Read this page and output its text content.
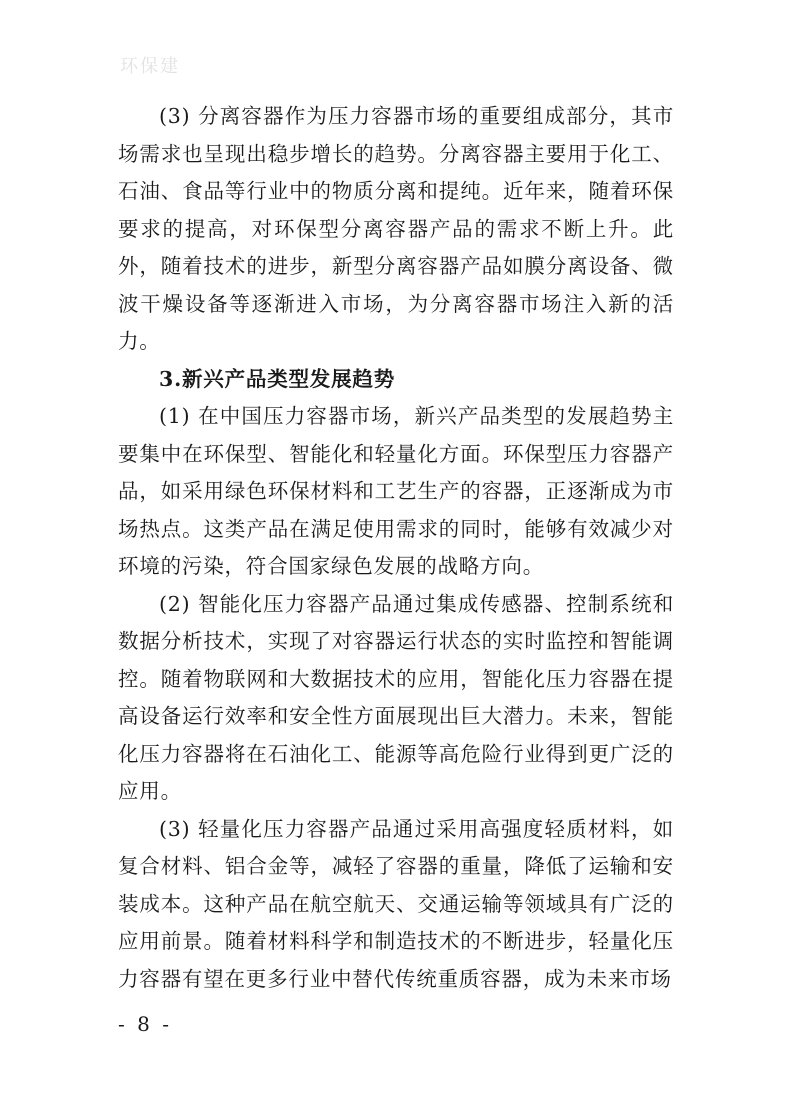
环保建

(3) 分离容器作为压力容器市场的重要组成部分，其市场需求也呈现出稳步增长的趋势。分离容器主要用于化工、石油、食品等行业中的物质分离和提纯。近年来，随着环保要求的提高，对环保型分离容器产品的需求不断上升。此外，随着技术的进步，新型分离容器产品如膜分离设备、微波干燥设备等逐渐进入市场，为分离容器市场注入新的活力。

3.新兴产品类型发展趋势

(1) 在中国压力容器市场，新兴产品类型的发展趋势主要集中在环保型、智能化和轻量化方面。环保型压力容器产品，如采用绿色环保材料和工艺生产的容器，正逐渐成为市场热点。这类产品在满足使用需求的同时，能够有效减少对环境的污染，符合国家绿色发展的战略方向。

(2) 智能化压力容器产品通过集成传感器、控制系统和数据分析技术，实现了对容器运行状态的实时监控和智能调控。随着物联网和大数据技术的应用，智能化压力容器在提高设备运行效率和安全性方面展现出巨大潜力。未来，智能化压力容器将在石油化工、能源等高危险行业得到更广泛的应用。

(3) 轻量化压力容器产品通过采用高强度轻质材料，如复合材料、铝合金等，减轻了容器的重量，降低了运输和安装成本。这种产品在航空航天、交通运输等领域具有广泛的应用前景。随着材料科学和制造技术的不断进步，轻量化压力容器有望在更多行业中替代传统重质容器，成为未来市场

- 8 -
